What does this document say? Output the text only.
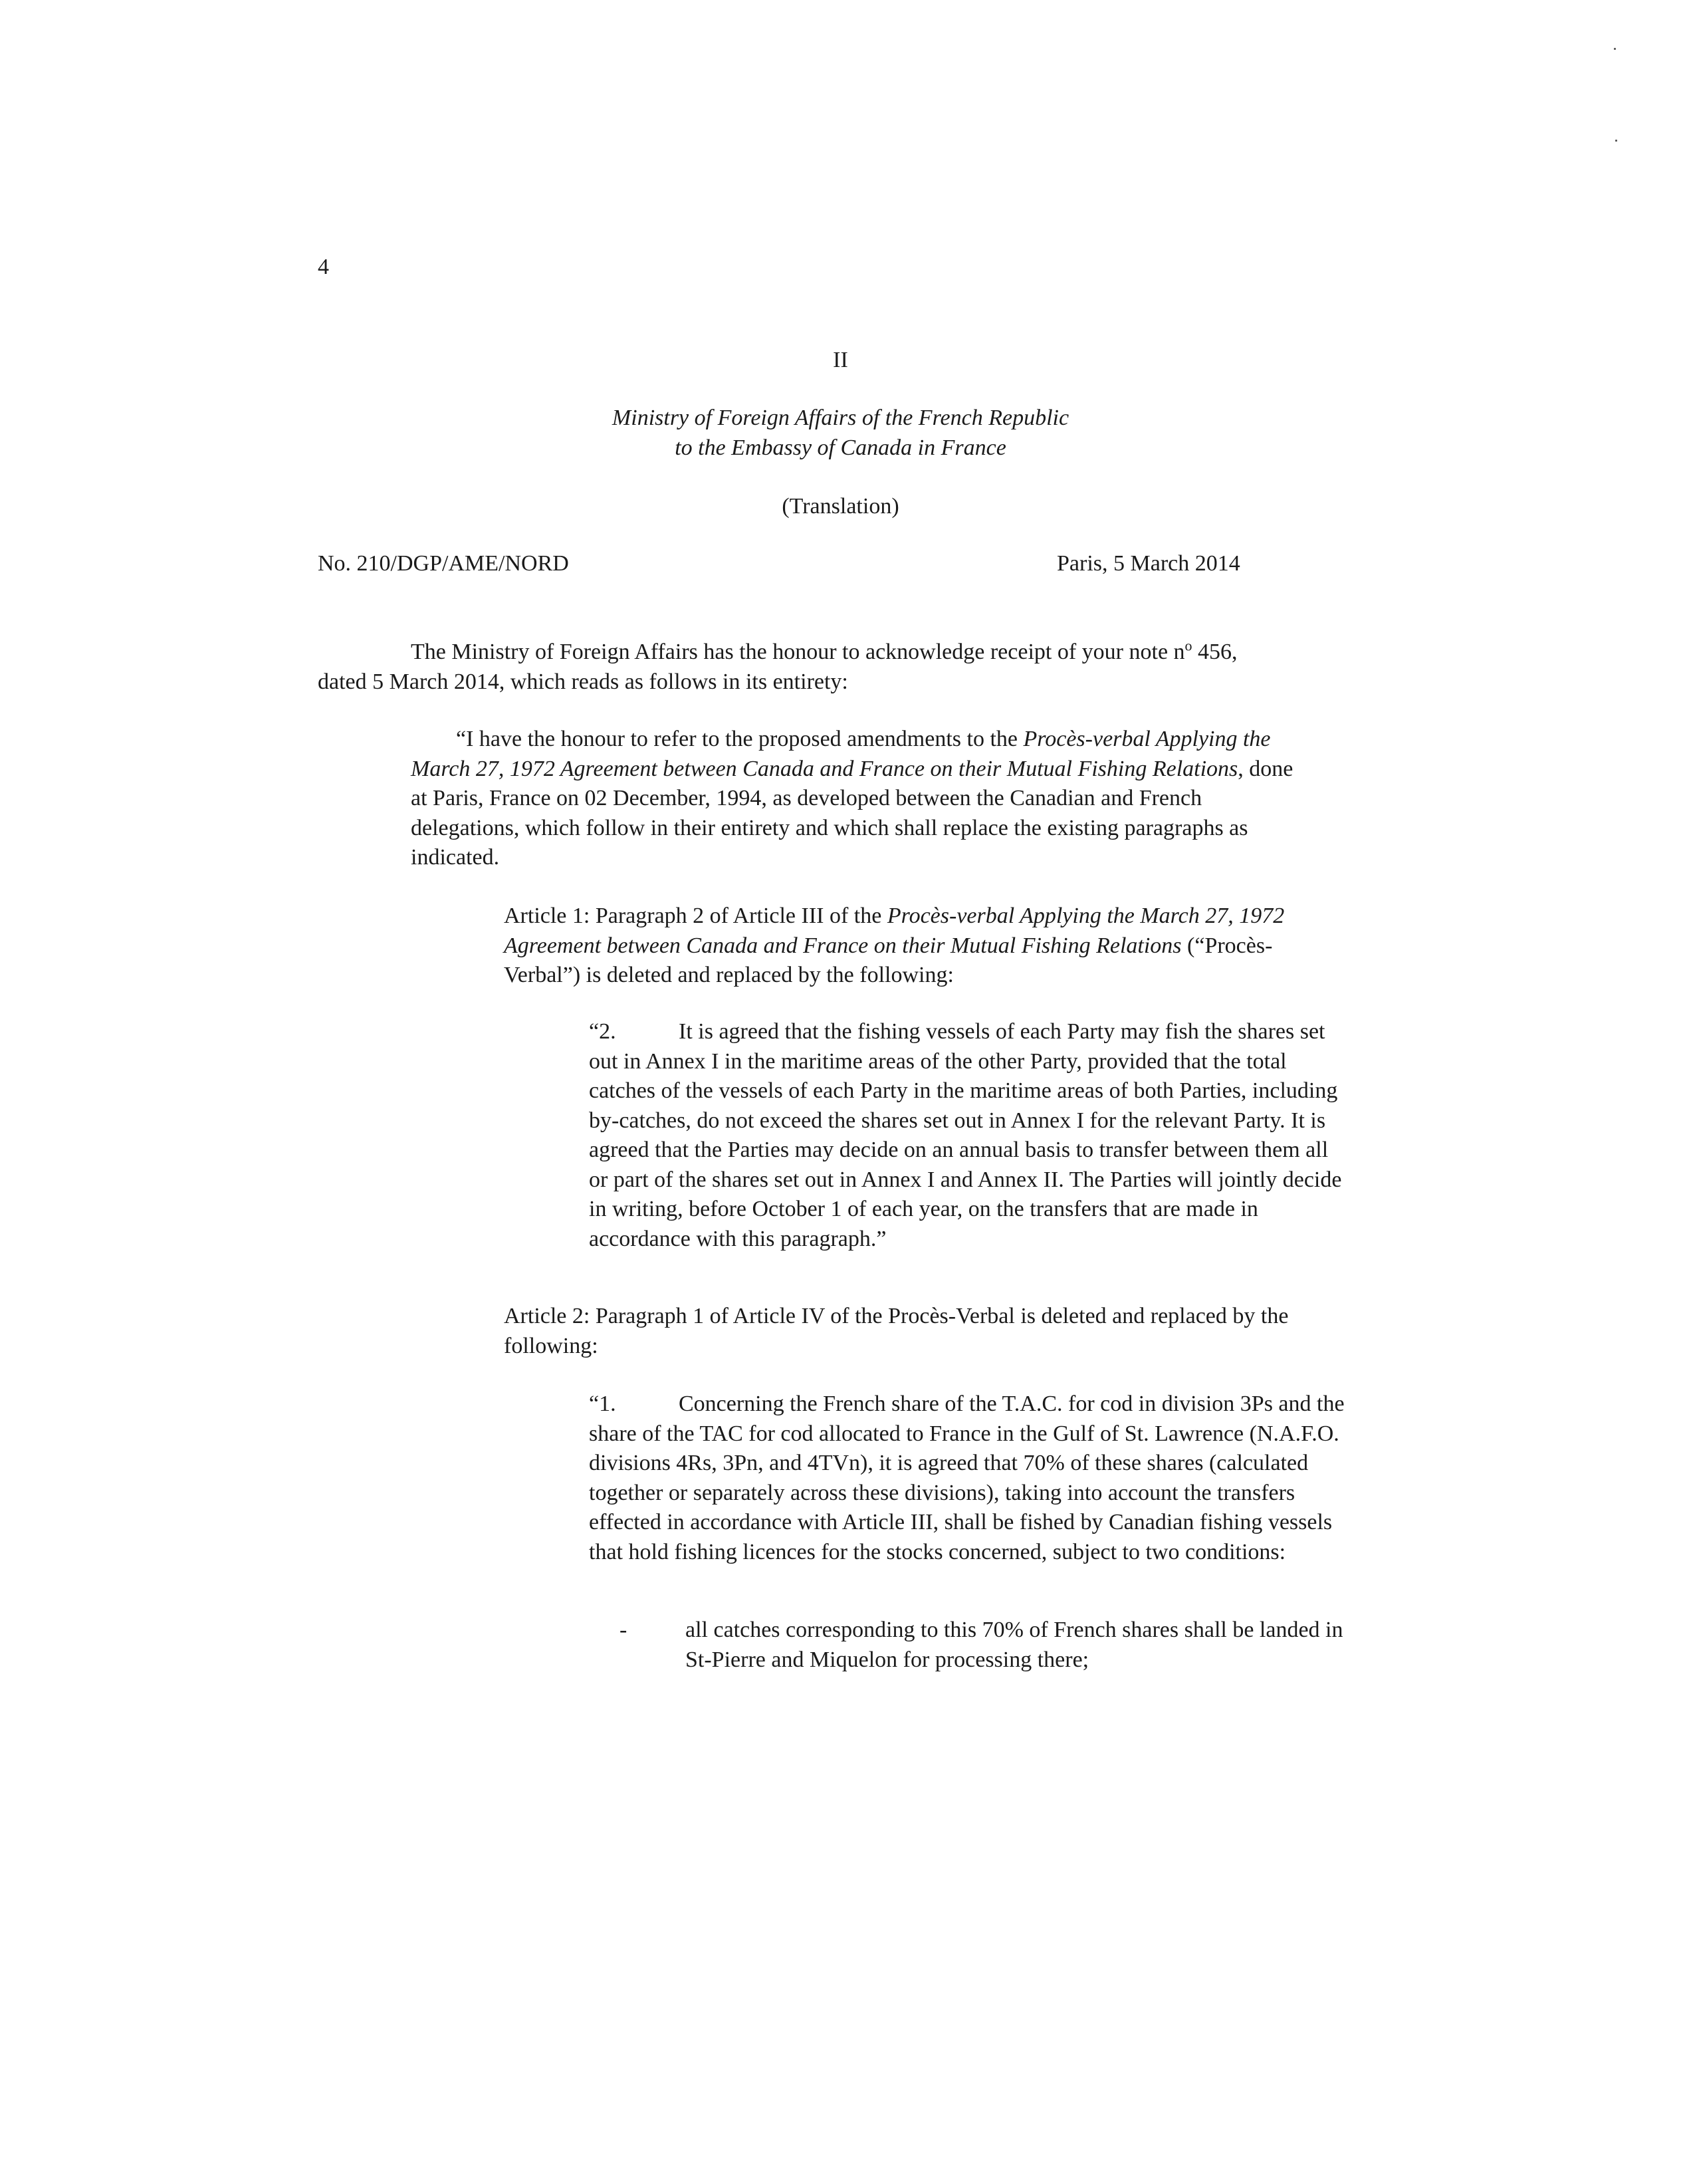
4
II
Ministry of Foreign Affairs of the French Republic
to the Embassy of Canada in France
(Translation)
No. 210/DGP/AME/NORD	Paris, 5 March 2014

The Ministry of Foreign Affairs has the honour to acknowledge receipt of your note $n^o$ 456, dated 5 March 2014, which reads as follows in its entirety:

“I have the honour to refer to the proposed amendments to the Procès-verbal Applying the March 27, 1972 Agreement between Canada and France on their Mutual Fishing Relations, done at Paris, France on 02 December, 1994, as developed between the Canadian and French delegations, which follow in their entirety and which shall replace the existing paragraphs as indicated.

Article 1: Paragraph 2 of Article III of the Procès-verbal Applying the March 27, 1972 Agreement between Canada and France on their Mutual Fishing Relations (“Procès-Verbal”) is deleted and replaced by the following:

“2.	It is agreed that the fishing vessels of each Party may fish the shares set out in Annex I in the maritime areas of the other Party, provided that the total catches of the vessels of each Party in the maritime areas of both Parties, including by-catches, do not exceed the shares set out in Annex I for the relevant Party. It is agreed that the Parties may decide on an annual basis to transfer between them all or part of the shares set out in Annex I and Annex II. The Parties will jointly decide in writing, before October 1 of each year, on the transfers that are made in accordance with this paragraph.”

Article 2: Paragraph 1 of Article IV of the Procès-Verbal is deleted and replaced by the following:

“1.	Concerning the French share of the T.A.C. for cod in division 3Ps and the share of the TAC for cod allocated to France in the Gulf of St. Lawrence (N.A.F.O. divisions 4Rs, 3Pn, and 4TVn), it is agreed that 70% of these shares (calculated together or separately across these divisions), taking into account the transfers effected in accordance with Article III, shall be fished by Canadian fishing vessels that hold fishing licences for the stocks concerned, subject to two conditions:

-	all catches corresponding to this 70% of French shares shall be landed in St-Pierre and Miquelon for processing there;
